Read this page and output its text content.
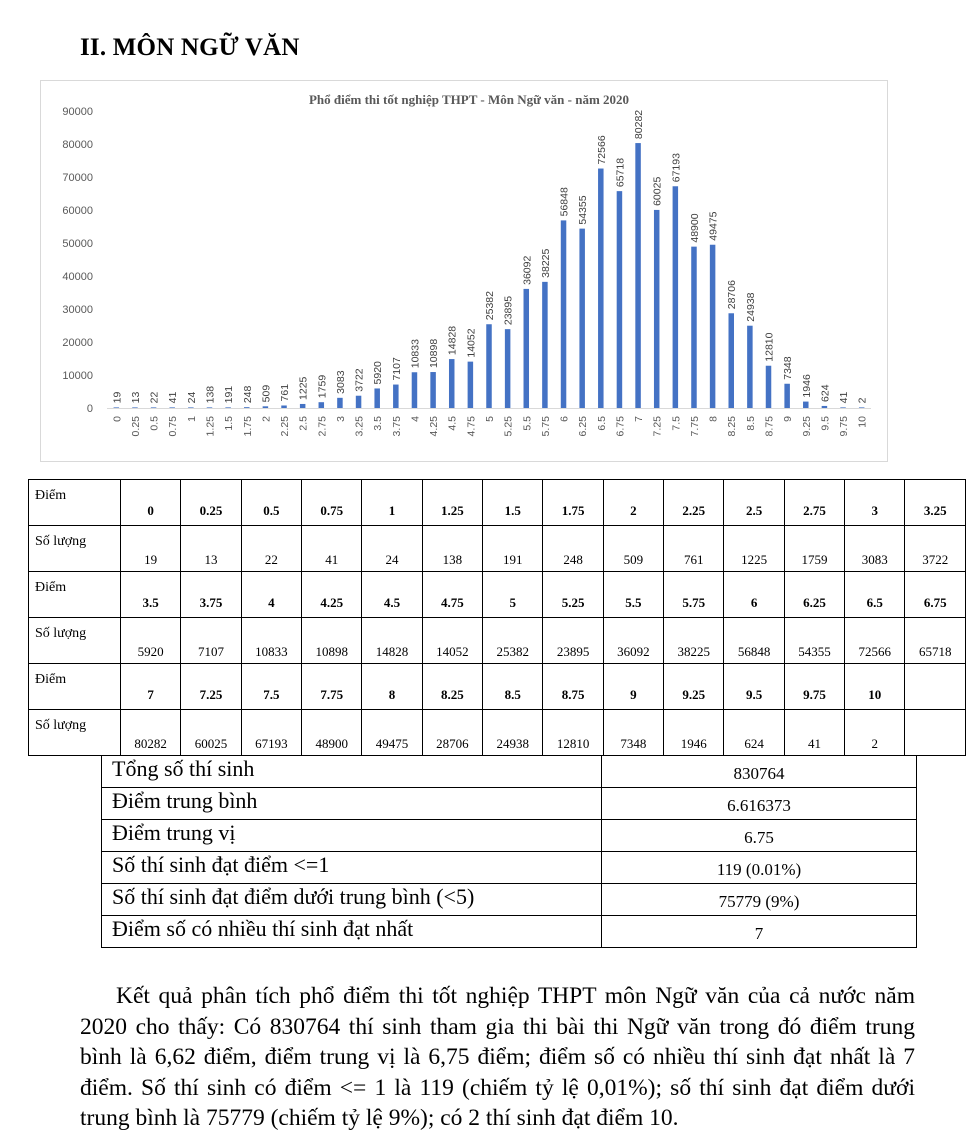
II. MÔN NGỮ VĂN
Phổ điểm thi tốt nghiệp THPT - Môn Ngữ văn - năm 2020
0
10000
20000
30000
40000
50000
60000
70000
80000
90000
19
0
13
0.25
22
0.5
41
0.75
24
1
138
1.25
191
1.5
248
1.75
509
2
761
2.25
1225
2.5
1759
2.75
3083
3
3722
3.25
5920
3.5
7107
3.75
10833
4
10898
4.25
14828
4.5
14052
4.75
25382
5
23895
5.25
36092
5.5
38225
5.75
56848
6
54355
6.25
72566
6.5
65718
6.75
80282
7
60025
7.25
67193
7.5
48900
7.75
49475
8
28706
8.25
24938
8.5
12810
8.75
7348
9
1946
9.25
624
9.5
41
9.75
2
10
Điểm	0	0.25	0.5	0.75	1	1.25	1.5	1.75	2	2.25	2.5	2.75	3	3.25
Số lượng	19	13	22	41	24	138	191	248	509	761	1225	1759	3083	3722
Điểm	3.5	3.75	4	4.25	4.5	4.75	5	5.25	5.5	5.75	6	6.25	6.5	6.75
Số lượng	5920	7107	10833	10898	14828	14052	25382	23895	36092	38225	56848	54355	72566	65718
Điểm	7	7.25	7.5	7.75	8	8.25	8.5	8.75	9	9.25	9.5	9.75	10	
Số lượng	80282	60025	67193	48900	49475	28706	24938	12810	7348	1946	624	41	2	
Tổng số thí sinh	830764
Điểm trung bình	6.616373
Điểm trung vị	6.75
Số thí sinh đạt điểm <=1	119 (0.01%)
Số thí sinh đạt điểm dưới trung bình (<5)	75779 (9%)
Điểm số có nhiều thí sinh đạt nhất	7

Kết quả phân tích phổ điểm thi tốt nghiệp THPT môn Ngữ văn của cả nước năm 2020 cho thấy: Có 830764 thí sinh tham gia thi bài thi Ngữ văn trong đó điểm trung bình là 6,62 điểm, điểm trung vị là 6,75 điểm; điểm số có nhiều thí sinh đạt nhất là 7 điểm. Số thí sinh có điểm <= 1 là 119 (chiếm tỷ lệ 0,01%); số thí sinh đạt điểm dưới trung bình là 75779 (chiếm tỷ lệ 9%); có 2 thí sinh đạt điểm 10.
